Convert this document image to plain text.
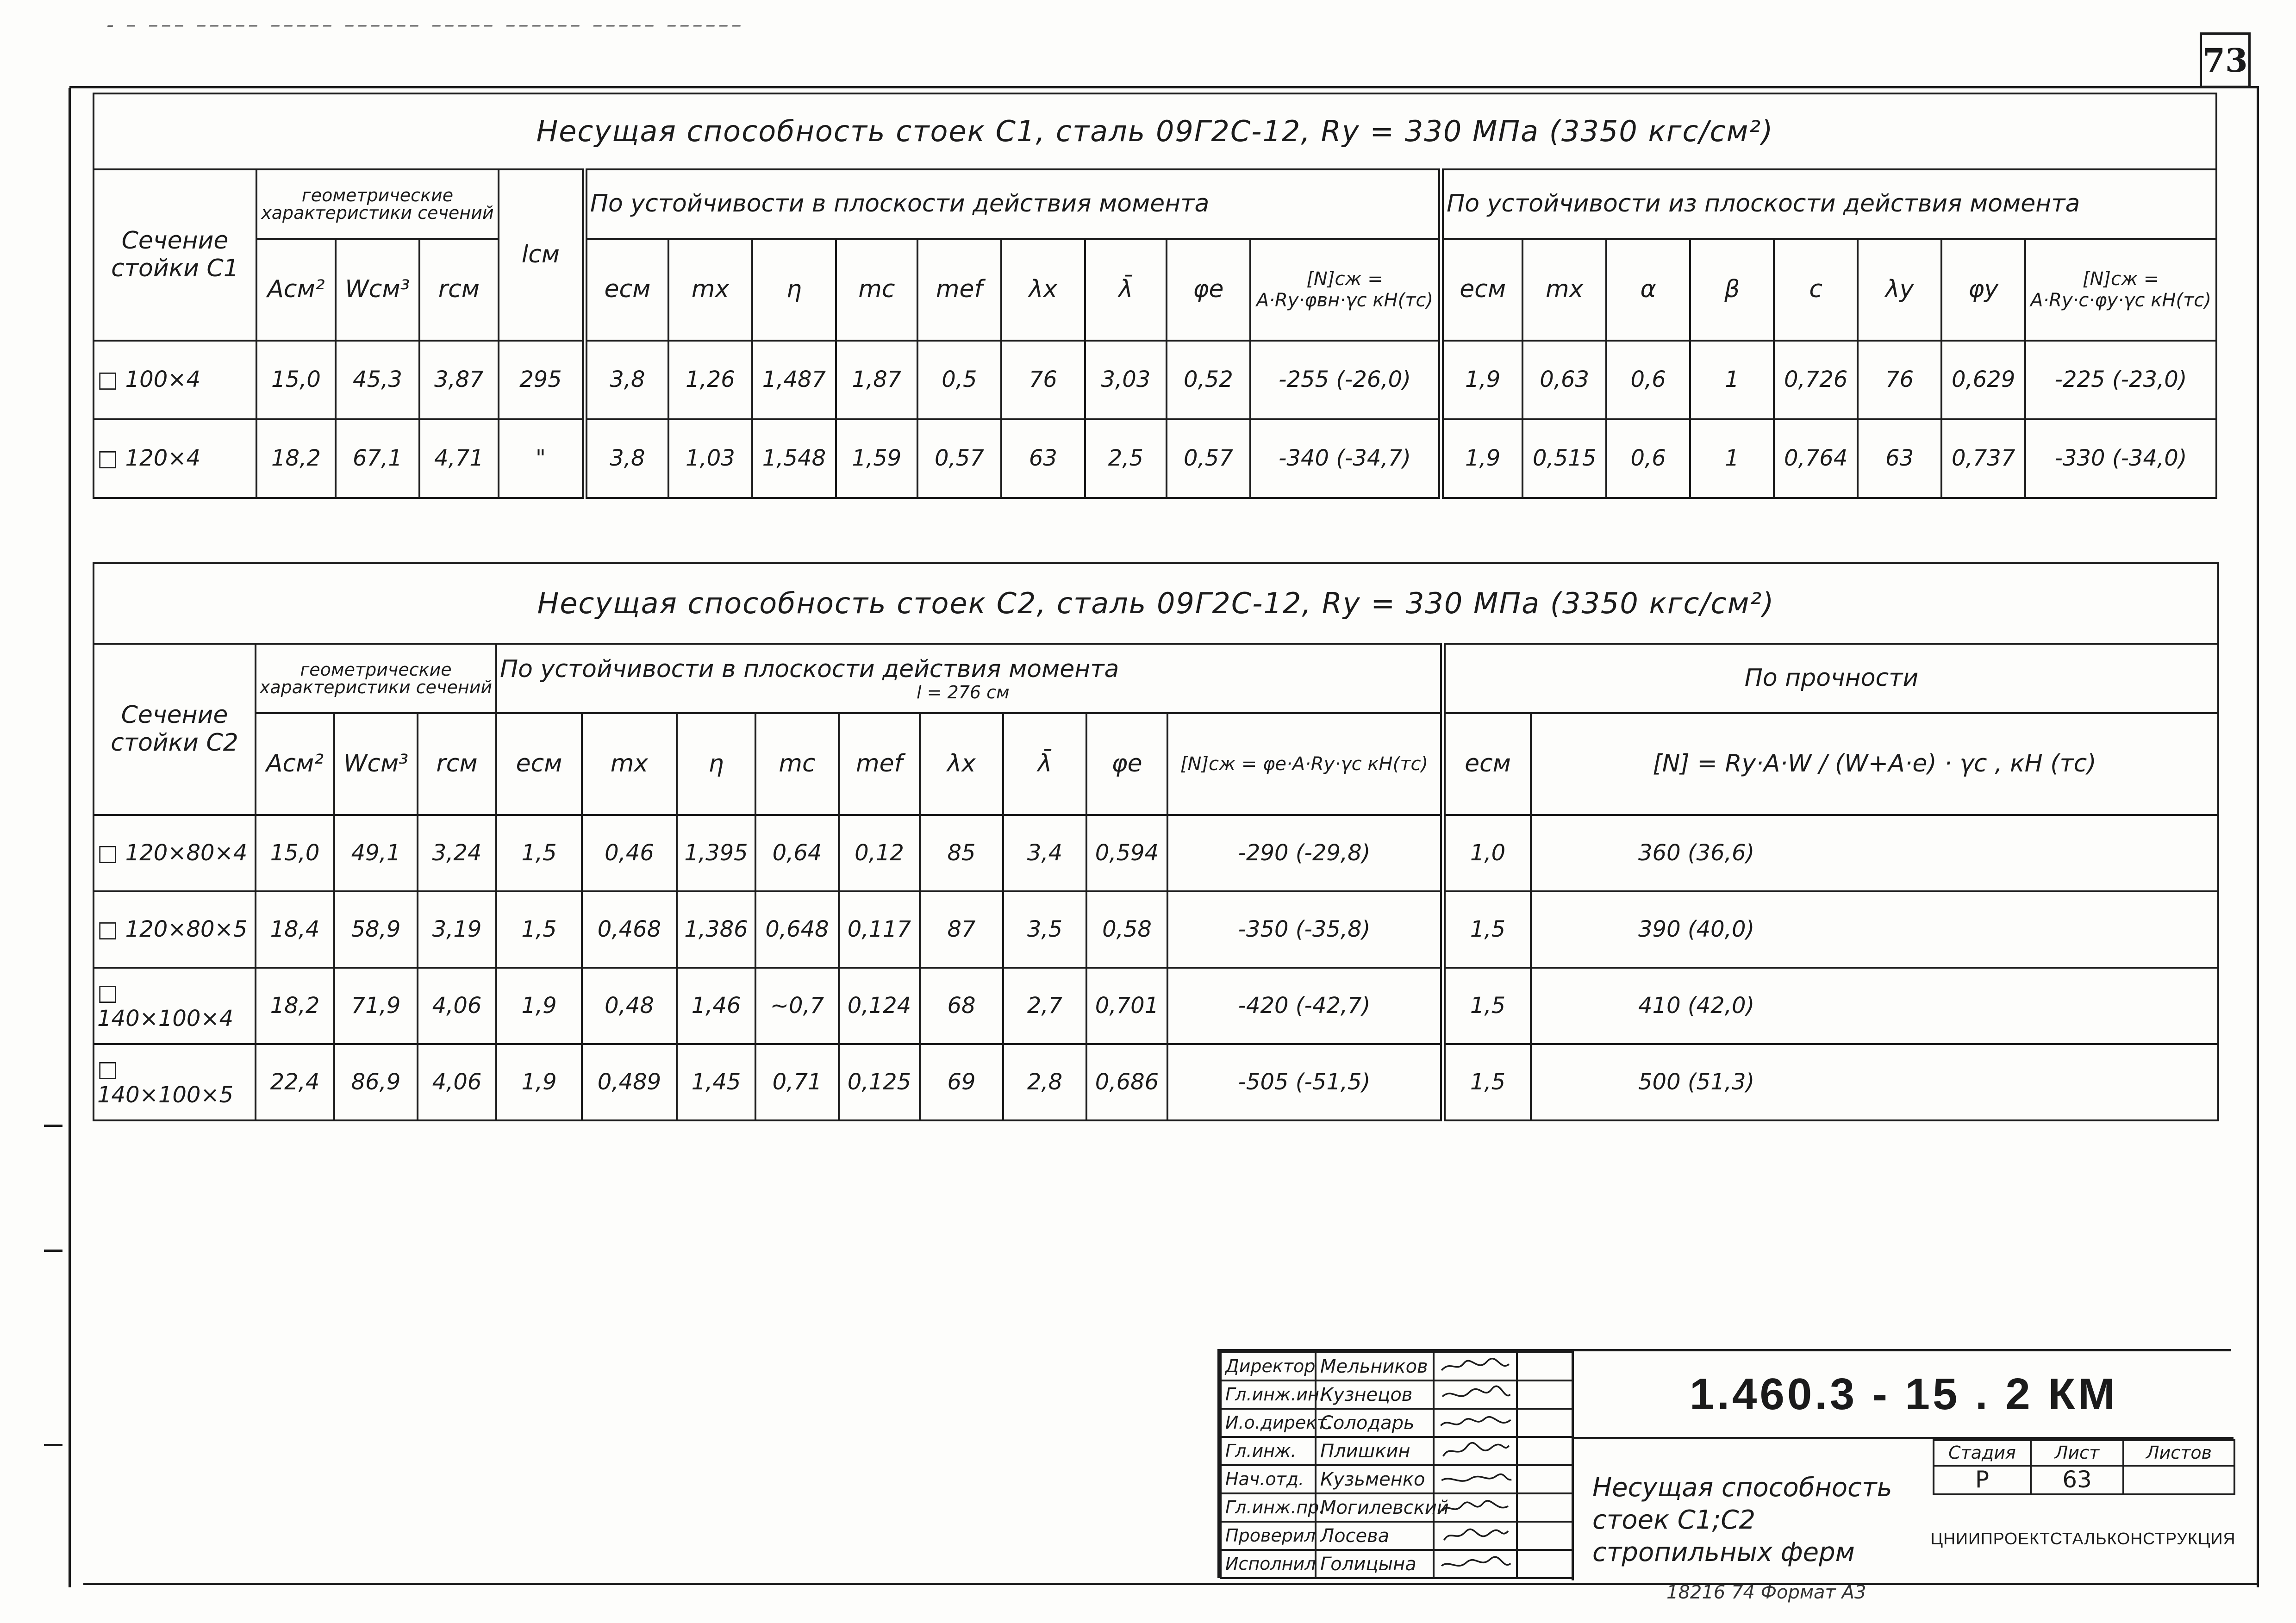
- – ––– ––––– ––––– –––––– ––––– –––––– ––––– ––––––
73
Несущая способность стоек С1, сталь 09Г2С-12, Ry = 330 МПа (3350 кгс/см²)																					
Сечение стойки С1	геометрические характеристики сечений			lсм	По устойчивости в плоскости действия момента									По устойчивости из плоскости действия момента							
	Aсм²	Wсм³	rсм		eсм	mx	η	mc	mef	λx	λ̄	φe	[N]сж = A·Ry·φвн·γc кН(тс)	eсм	mx	α	β	c	λy	φy	[N]сж = A·Ry·c·φy·γc кН(тс)
□ 100×4	15,0	45,3	3,87	295	3,8	1,26	1,487	1,87	0,5	76	3,03	0,52	-255 (-26,0)	1,9	0,63	0,6	1	0,726	76	0,629	-225 (-23,0)
□ 120×4	18,2	67,1	4,71	"	3,8	1,03	1,548	1,59	0,57	63	2,5	0,57	-340 (-34,7)	1,9	0,515	0,6	1	0,764	63	0,737	-330 (-34,0)
Несущая способность стоек С2, сталь 09Г2С-12, Ry = 330 МПа (3350 кгс/см²)														
Сечение стойки С2	геометрические характеристики сечений			По устойчивости в плоскости действия момента
l = 276 см									По прочности	
	Aсм²	Wсм³	rсм	eсм	mx	η	mc	mef	λx	λ̄	φe	[N]сж = φe·A·Ry·γc кН(тс)	eсм	[N] = Ry·A·W / (W+A·e) · γc , кН (тс)
□ 120×80×4	15,0	49,1	3,24	1,5	0,46	1,395	0,64	0,12	85	3,4	0,594	-290 (-29,8)	1,0	360 (36,6)
□ 120×80×5	18,4	58,9	3,19	1,5	0,468	1,386	0,648	0,117	87	3,5	0,58	-350 (-35,8)	1,5	390 (40,0)
□ 140×100×4	18,2	71,9	4,06	1,9	0,48	1,46	~0,7	0,124	68	2,7	0,701	-420 (-42,7)	1,5	410 (42,0)
□ 140×100×5	22,4	86,9	4,06	1,9	0,489	1,45	0,71	0,125	69	2,8	0,686	-505 (-51,5)	1,5	500 (51,3)
Директор	Мельников	

Гл.инж.ин.	Кузнецов	

И.о.директ.	Солодарь	

Гл.инж.	Плишкин	

Нач.отд.	Кузьменко	

Гл.инж.пр.	Могилевский	

Проверил	Лосева	

Исполнил	Голицына	

1.460.3 - 15 . 2 КМ
Несущая способность стоек С1;С2 стропильных ферм
Стадия	Лист	Листов
Р	63	
ЦНИИПРОЕКТСТАЛЬКОНСТРУКЦИЯ
18216 74 Формат А3
